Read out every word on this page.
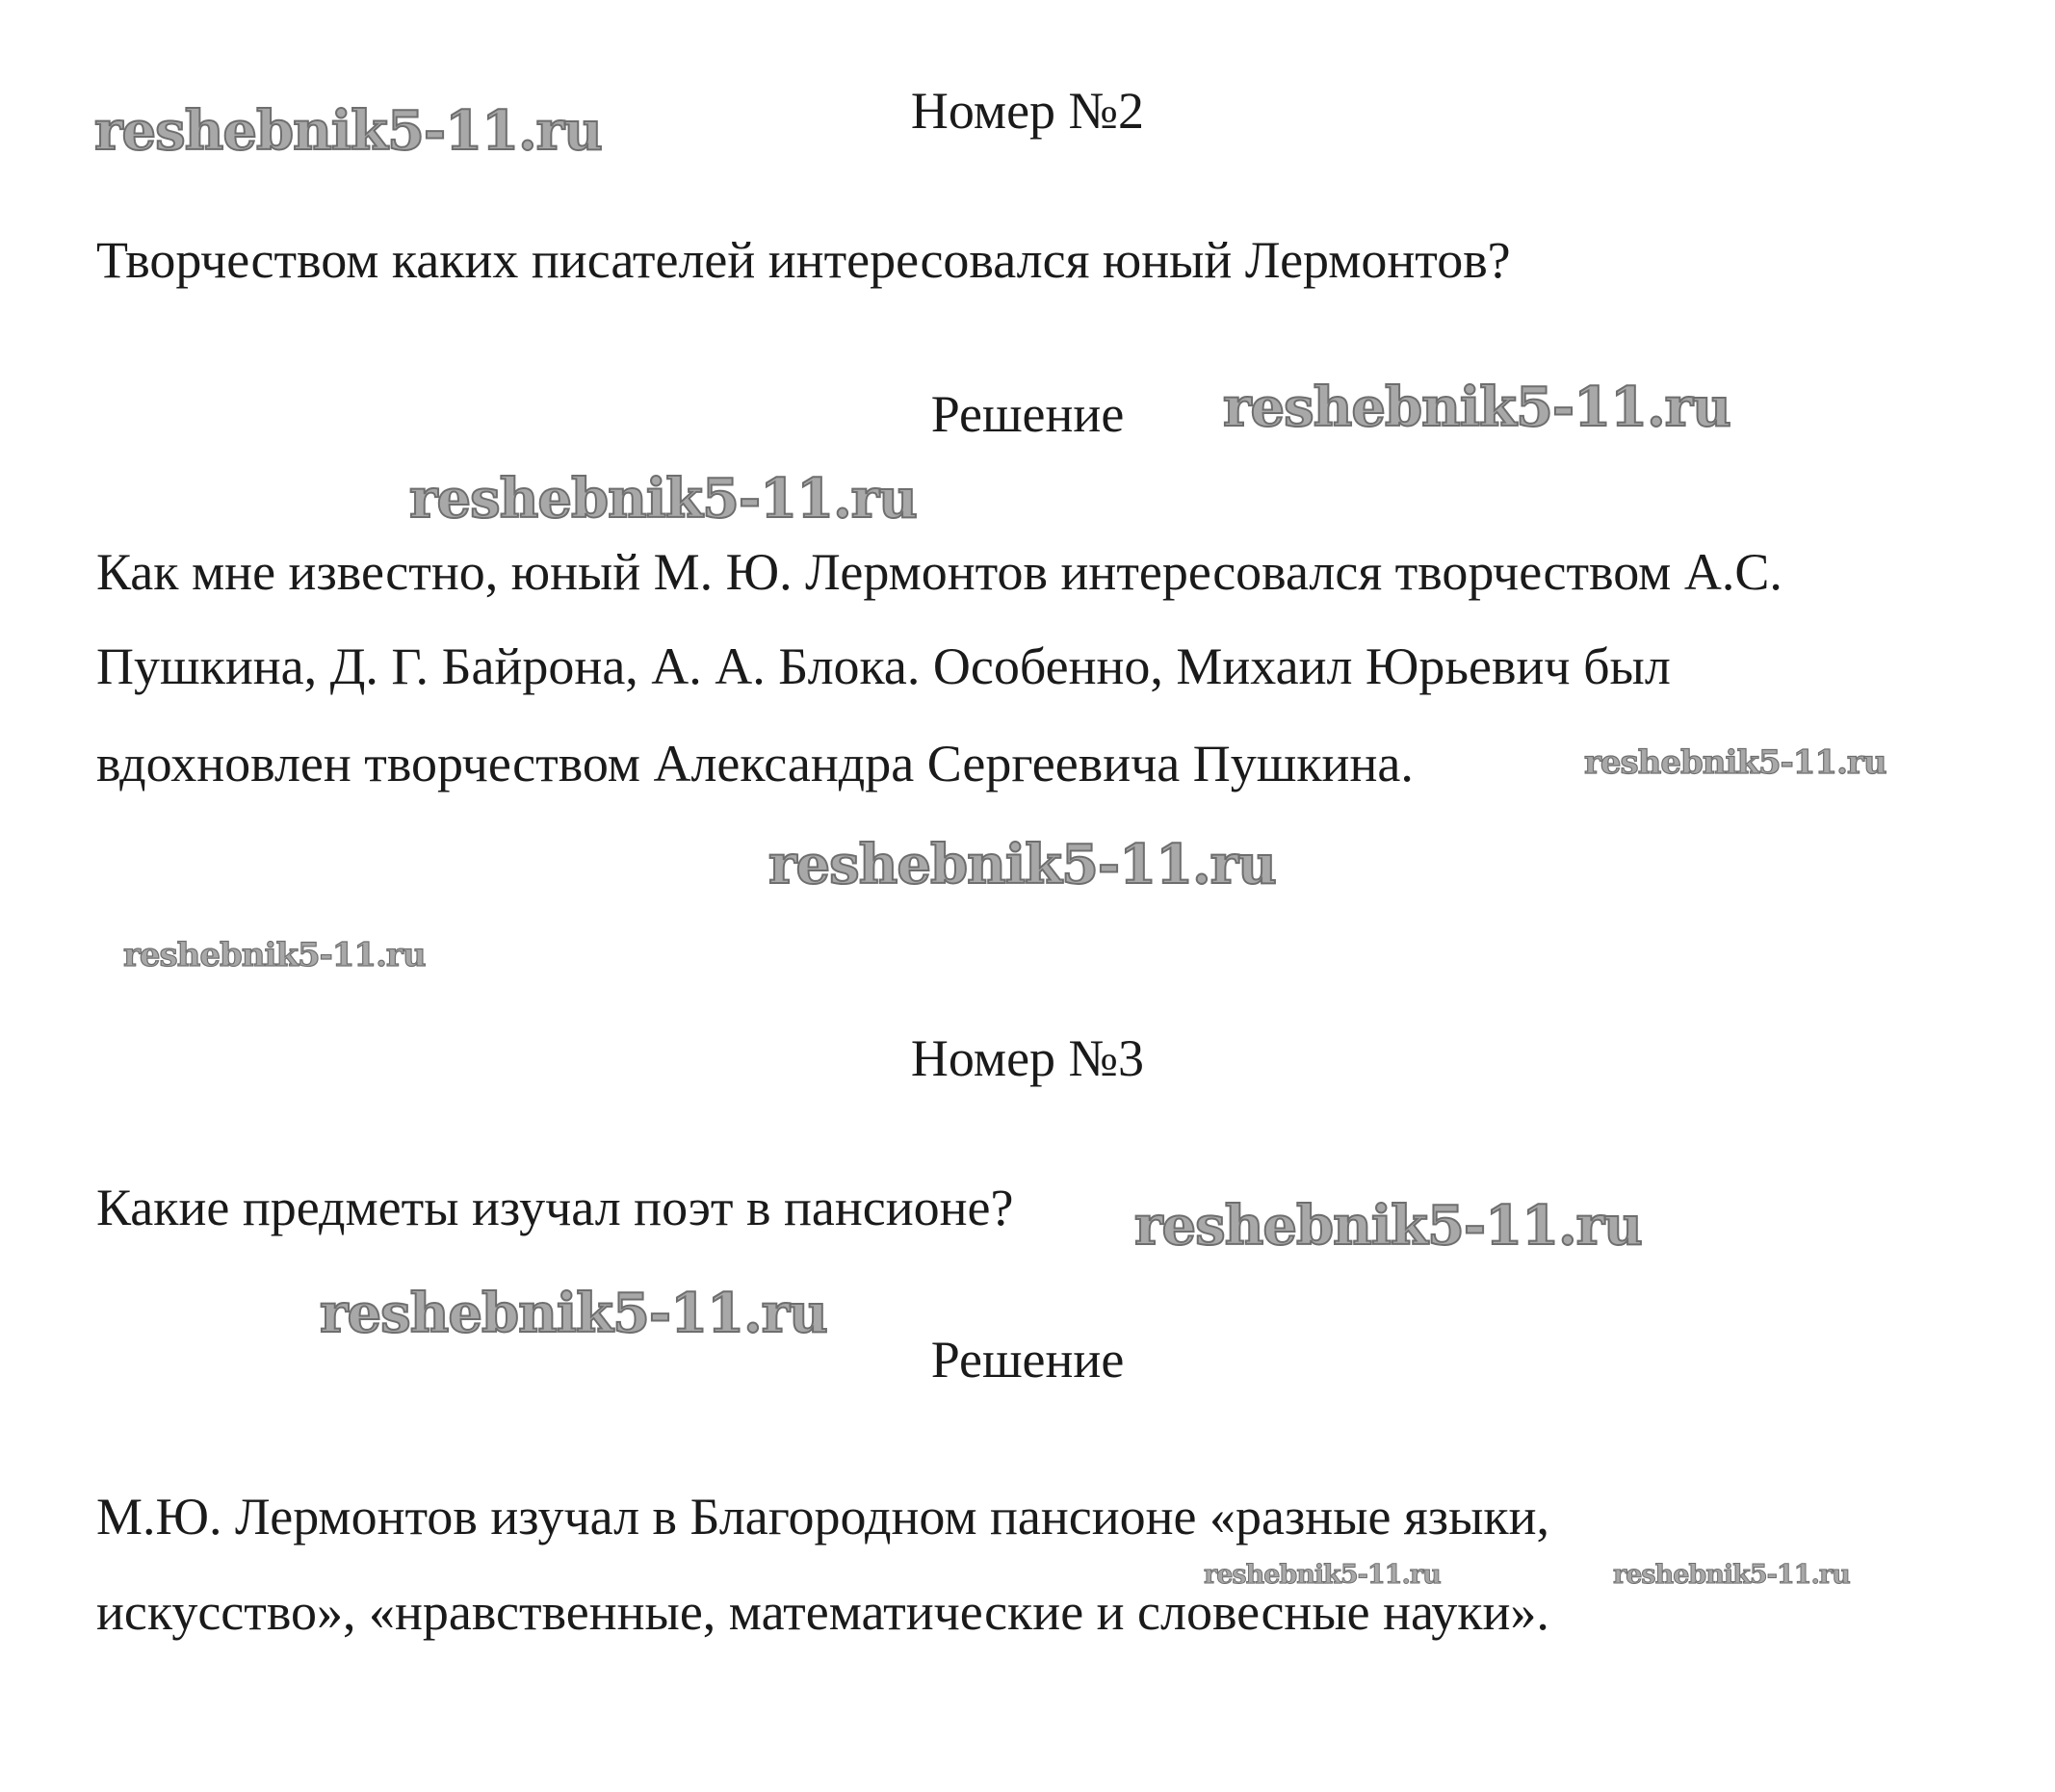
Номер №2
Творчеством каких писателей интересовался юный Лермонтов?
Решение
Как мне известно, юный М. Ю. Лермонтов интересовался творчеством А.С.
Пушкина, Д. Г. Байрона, А. А. Блока. Особенно, Михаил Юрьевич был
вдохновлен творчеством Александра Сергеевича Пушкина.
Номер №3
Какие предметы изучал поэт в пансионе?
Решение
М.Ю. Лермонтов изучал в Благородном пансионе «разные языки,
искусство», «нравственные, математические и словесные науки».
reshebnik5-11.ru
reshebnik5-11.ru
reshebnik5-11.ru
reshebnik5-11.ru
reshebnik5-11.ru
reshebnik5-11.ru
reshebnik5-11.ru
reshebnik5-11.ru
reshebnik5-11.ru	reshebnik5-11.ru
